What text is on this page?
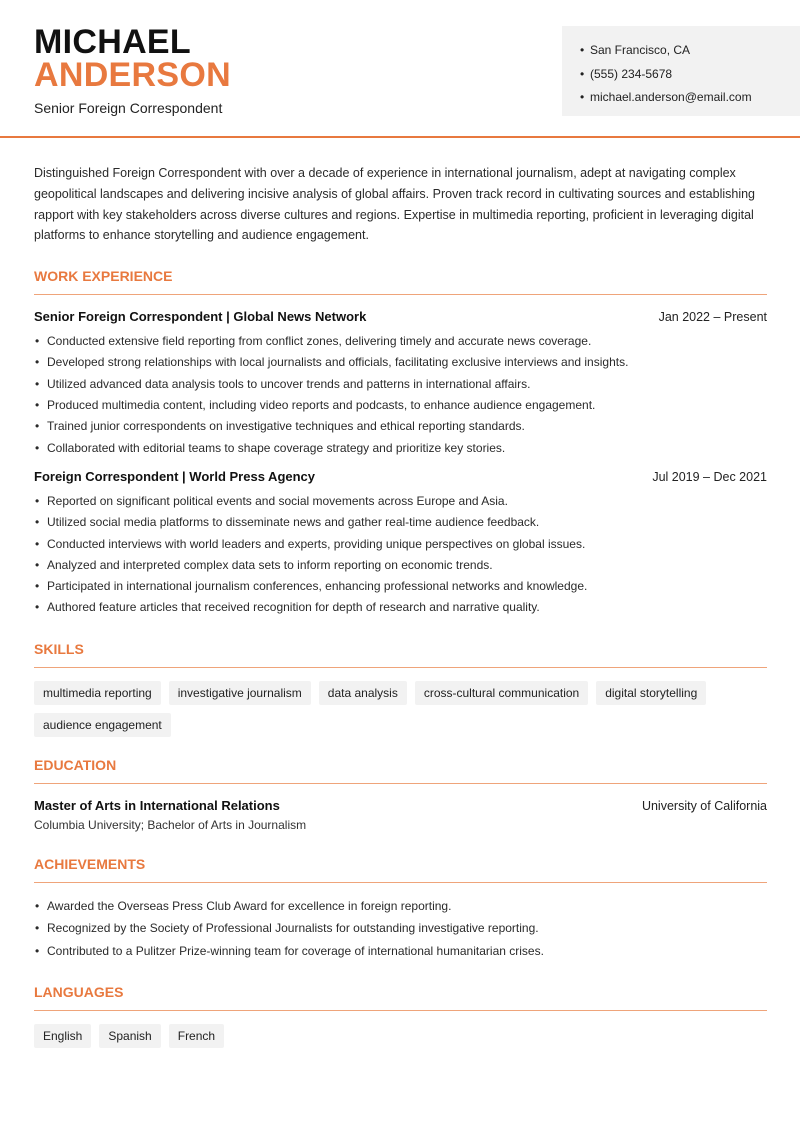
MICHAEL
ANDERSON
Senior Foreign Correspondent
• San Francisco, CA
• (555) 234-5678
• michael.anderson@email.com

Distinguished Foreign Correspondent with over a decade of experience in international journalism, adept at navigating complex geopolitical landscapes and delivering incisive analysis of global affairs. Proven track record in cultivating sources and establishing rapport with key stakeholders across diverse cultures and regions. Expertise in multimedia reporting, proficient in leveraging digital platforms to enhance storytelling and audience engagement.

WORK EXPERIENCE
Senior Foreign Correspondent | Global News Network	Jan 2022 – Present
• Conducted extensive field reporting from conflict zones, delivering timely and accurate news coverage.
• Developed strong relationships with local journalists and officials, facilitating exclusive interviews and insights.
• Utilized advanced data analysis tools to uncover trends and patterns in international affairs.
• Produced multimedia content, including video reports and podcasts, to enhance audience engagement.
• Trained junior correspondents on investigative techniques and ethical reporting standards.
• Collaborated with editorial teams to shape coverage strategy and prioritize key stories.
Foreign Correspondent | World Press Agency	Jul 2019 – Dec 2021
• Reported on significant political events and social movements across Europe and Asia.
• Utilized social media platforms to disseminate news and gather real-time audience feedback.
• Conducted interviews with world leaders and experts, providing unique perspectives on global issues.
• Analyzed and interpreted complex data sets to inform reporting on economic trends.
• Participated in international journalism conferences, enhancing professional networks and knowledge.
• Authored feature articles that received recognition for depth of research and narrative quality.
SKILLS
multimedia reporting	investigative journalism	data analysis	cross-cultural communication	digital storytelling
audience engagement
EDUCATION
Master of Arts in International Relations	University of California
Columbia University; Bachelor of Arts in Journalism
ACHIEVEMENTS
• Awarded the Overseas Press Club Award for excellence in foreign reporting.
• Recognized by the Society of Professional Journalists for outstanding investigative reporting.
• Contributed to a Pulitzer Prize-winning team for coverage of international humanitarian crises.
LANGUAGES
English	Spanish	French
